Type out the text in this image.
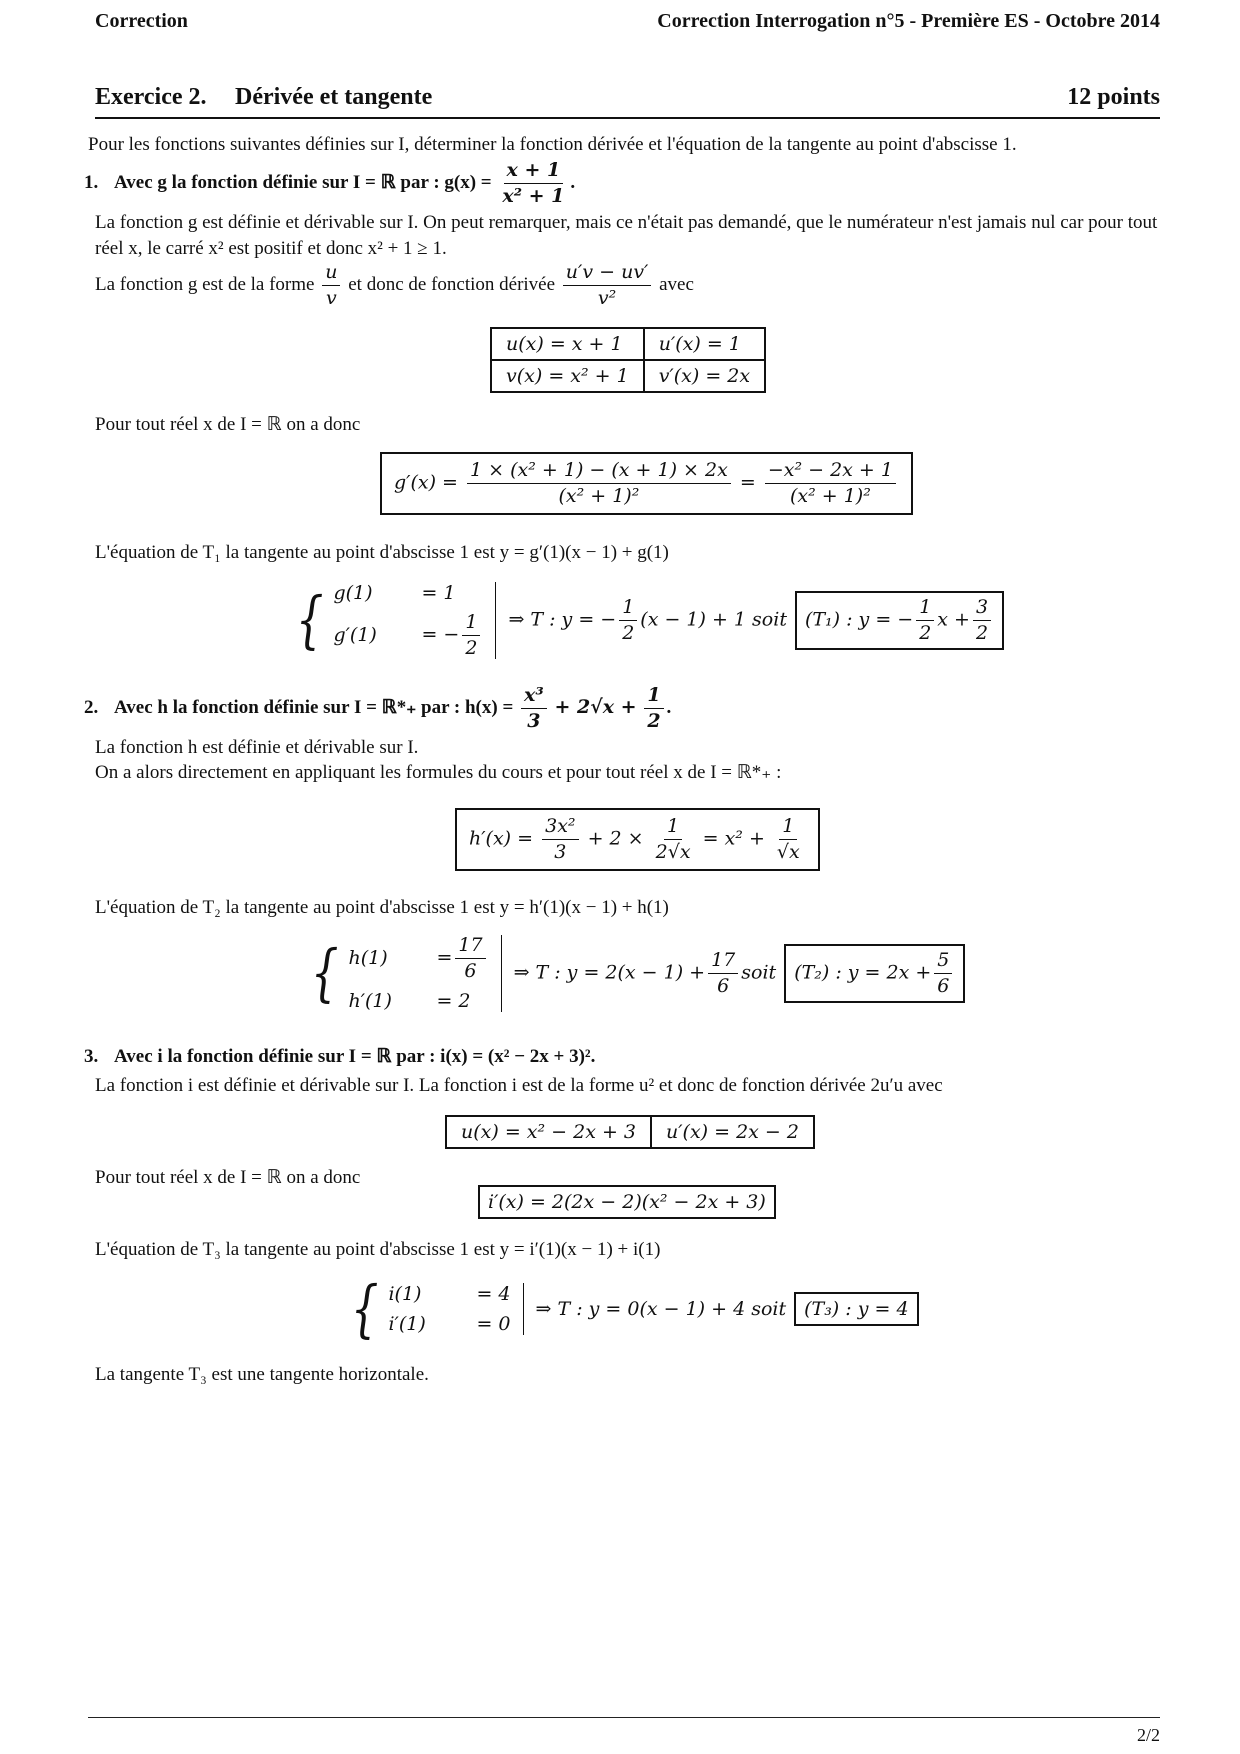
Correction	Correction Interrogation n°5 - Première ES - Octobre 2014
Exercice 2. Dérivée et tangente	12 points
Pour les fonctions suivantes définies sur I, déterminer la fonction dérivée et l'équation de la tangente au point d'abscisse 1.
1. Avec g la fonction définie sur I = ℝ par : $g(x) = \frac{x + 1}{\text{x² + 1}}$ .
La fonction g est définie et dérivable sur I. On peut remarquer, mais ce n'était pas demandé, que le numérateur n'est jamais nul car pour tout réel x, le carré x² est positif et donc x² + 1 ≥ 1.
La fonction g est de la forme $\frac{u}{v}$ et donc de fonction dérivée $\frac{u'v - uv'}{\text{v²}}$ avec
u(x) = x + 1	u′(x) = 1
v(x) = x² + 1	v′(x) = 2x
Pour tout réel x de I = ℝ on a donc
$g'(x) = \frac{\text{1 × (x² + 1) − (x + 1) × 2x}}{\text{(x² + 1)²}} = \frac{\text{−x² − 2x + 1}}{\text{(x² + 1)²}}$
L'équation de T₁ la tangente au point d'abscisse 1 est y = g′(1)(x − 1) + g(1)
{ g(1)	= 1
g′(1)	= − $\frac{1}{2}$ ⇒ T : y = − $\frac{1}{2} (x - 1) + 1$ soit (T₁) : y = − $\frac{1}{2}$ $x + \frac{3}{2}$
2. Avec h la fonction définie sur I = ℝ*₊ par : $h(x) = \frac{\text{x³}}{3} + 2√x + \frac{1}{2}$ .
La fonction h est définie et dérivable sur I.
On a alors directement en appliquant les formules du cours et pour tout réel x de I = ℝ*₊ :
$h'(x) = \frac{\text{3x²}}{3} + 2 \times \frac{1}{2√x} = x^2 + \frac{1}{√x}$
L'équation de T₂ la tangente au point d'abscisse 1 est y = h′(1)(x − 1) + h(1)
{ h(1)	= $\frac{17}{6}$
h′(1)	= 2
⇒ T : $y = 2(x - 1) + \frac{17}{6}$ soit (T₂) : $y = 2x + \frac{5}{6}$
3. Avec i la fonction définie sur I = ℝ par : i(x) = (x² − 2x + 3)².
La fonction i est définie et dérivable sur I. La fonction i est de la forme u² et donc de fonction dérivée 2u′u avec
u(x) = x² − 2x + 3	u′(x) = 2x − 2
Pour tout réel x de I = ℝ on a donc
i′(x) = 2(2x − 2)(x² − 2x + 3)
L'équation de T₃ la tangente au point d'abscisse 1 est y = i′(1)(x − 1) + i(1)
{ i(1)	= 4
i′(1)	= 0
⇒ T : y = 0(x − 1) + 4 soit (T₃) : y = 4
La tangente T₃ est une tangente horizontale.
2/2
